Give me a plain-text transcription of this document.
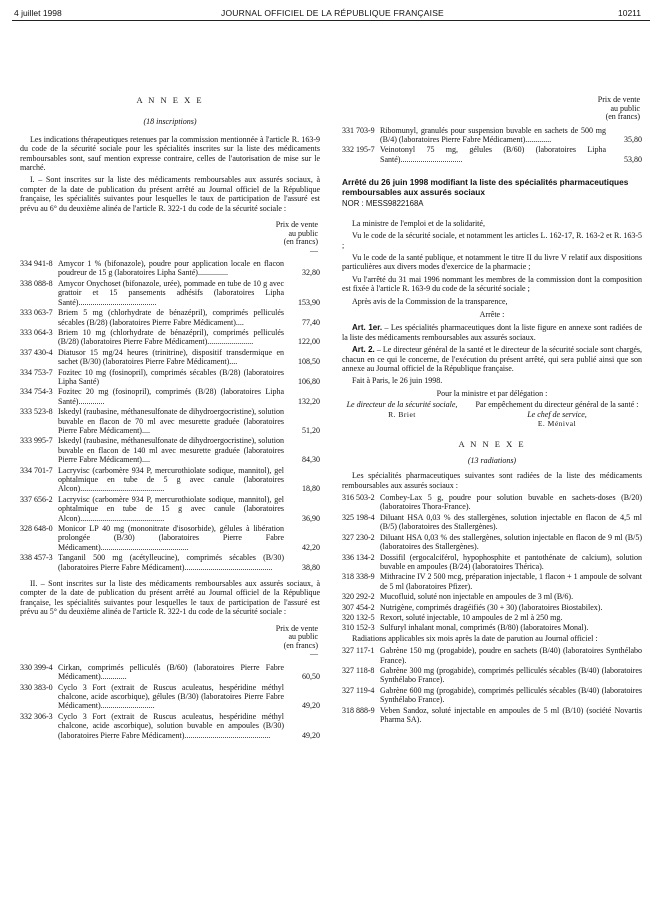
4 juillet 1998	JOURNAL OFFICIEL DE LA RÉPUBLIQUE FRANÇAISE	10211
A N N E X E
(18 inscriptions)

Les indications thérapeutiques retenues par la commission mentionnée à l'article R. 163-9 du code de la sécurité sociale pour les spécialités inscrites sur la liste des médicaments remboursables sont, sauf mention expresse contraire, celles de l'autorisation de mise sur le marché.

I. – Sont inscrites sur la liste des médicaments remboursables aux assurés sociaux, à compter de la date de publication du présent arrêté au Journal officiel de la République française, les spécialités suivantes pour lesquelles le taux de participation de l'assuré est prévu au 6° du deuxième alinéa de l'article R. 322-1 du code de la sécurité sociale :

Prix de vente
au public
(en francs)
—
334 941-8 Amycor 1 % (bifonazole), poudre pour application locale en flacon poudreur de 15 g (laboratoires Lipha Santé)...............	32,80
338 088-8 Amycor Onychoset (bifonazole, urée), pommade en tube de 10 g avec grattoir et 15 pansements adhésifs (laboratoires Lipha Santé).......................................	153,90
333 063-7 Briem 5 mg (chlorhydrate de bénazépril), comprimés pelliculés sécables (B/28) (laboratoires Pierre Fabre Médicament)....	77,40
333 064-3 Briem 10 mg (chlorhydrate de bénazépril), comprimés pelliculés (B/28) (laboratoires Pierre Fabre Médicament).......................	122,00
337 430-4 Diatusor 15 mg/24 heures (trinitrine), dispositif transdermique en sachet (B/30) (laboratoires Pierre Fabre Médicament)....	108,50
334 753-7 Fozitec 10 mg (fosinopril), comprimés sécables (B/28) (laboratoires Lipha Santé)	106,80
334 754-3 Fozitec 20 mg (fosinopril), comprimés (B/28) (laboratoires Lipha Santé).............	132,20
333 523-8 Iskedyl (raubasine, méthanesulfonate de dihydroergocristine), solution buvable en flacon de 70 ml avec mesurette graduée (laboratoires Pierre Fabre Médicament)....	51,20
333 995-7 Iskedyl (raubasine, méthanesulfonate de dihydroergocristine), solution buvable en flacon de 140 ml avec mesurette graduée (laboratoires Pierre Fabre Médicament)....	84,30
334 701-7 Lacryvisc (carbomère 934 P, mercurothiolate sodique, mannitol), gel ophtalmique en tube de 5 g avec canule (laboratoires Alcon)..........................................	18,80
337 656-2 Lacryvisc (carbomère 934 P, mercurothiolate sodique, mannitol), gel ophtalmique en tube de 15 g avec canule (laboratoires Alcon)..........................................	36,90
328 648-0 Monicor LP 40 mg (mononitrate d'isosorbide), gélules à libération prolongée (B/30) (laboratoires Pierre Fabre Médicament)............................................	42,20
338 457-3 Tanganil 500 mg (acétylleucine), comprimés sécables (B/30) (laboratoires Pierre Fabre Médicament)............................................	38,80

II. – Sont inscrites sur la liste des médicaments remboursables aux assurés sociaux, à compter de la date de publication du présent arrêté au Journal officiel de la République française, les spécialités suivantes pour lesquelles le taux de participation de l'assuré est prévu au 5° du deuxième alinéa de l'article R. 322-1 du code de la sécurité sociale :

Prix de vente
au public
(en francs)
—
330 399-4 Cirkan, comprimés pelliculés (B/60) (laboratoires Pierre Fabre Médicament).............	60,50
330 383-0 Cyclo 3 Fort (extrait de Ruscus aculeatus, hespéridine méthyl chalcone, acide ascorbique), gélules (B/30) (laboratoires Pierre Fabre Médicament)...........................	49,20
332 306-3 Cyclo 3 Fort (extrait de Ruscus aculeatus, hespéridine méthyl chalcone, acide ascorbique), solution buvable en ampoules (B/30) (laboratoires Pierre Fabre Médicament)...........................................	49,20
Prix de vente
au public
(en francs)
331 703-9 Ribomunyl, granulés pour suspension buvable en sachets de 500 mg (B/4) (laboratoires Pierre Fabre Médicament).............	35,80
332 195-7 Veinotonyl 75 mg, gélules (B/60) (laboratoires Lipha Santé)...............................	53,80
Arrêté du 26 juin 1998 modifiant la liste des spécialités pharmaceutiques remboursables aux assurés sociaux
NOR : MESS9822168A

La ministre de l'emploi et de la solidarité,

Vu le code de la sécurité sociale, et notamment les articles L. 162-17, R. 163-2 et R. 163-5 ;

Vu le code de la santé publique, et notamment le titre II du livre V relatif aux dispositions particulières aux divers modes d'exercice de la pharmacie ;

Vu l'arrêté du 31 mai 1996 nommant les membres de la commission dont la composition est fixée à l'article R. 163-9 du code de la sécurité sociale ;

Après avis de la Commission de la transparence,

Arrête :

Art. 1er. – Les spécialités pharmaceutiques dont la liste figure en annexe sont radiées de la liste des médicaments remboursables aux assurés sociaux.

Art. 2. – Le directeur général de la santé et le directeur de la sécurité sociale sont chargés, chacun en ce qui le concerne, de l'exécution du présent arrêté, qui sera publié ainsi que son annexe au Journal officiel de la République française.

Fait à Paris, le 26 juin 1998.

Pour la ministre et par délégation :
Le directeur de la sécurité sociale,
R. Briet
Par empêchement du directeur général de la santé :
Le chef de service,
E. Ménival
A N N E X E
(13 radiations)

Les spécialités pharmaceutiques suivantes sont radiées de la liste des médicaments remboursables aux assurés sociaux :

316 503-2 Combey-Lax 5 g, poudre pour solution buvable en sachets-doses (B/20) (laboratoires Thora-France).
325 198-4 Diluant HSA 0,03 % des stallergènes, solution injectable en flacon de 4,5 ml (B/5) (laboratoires des Stallergènes).
327 230-2 Diluant HSA 0,03 % des stallergènes, solution injectable en flacon de 9 ml (B/5) (laboratoires des Stallergènes).
336 134-2 Dossifil (ergocalciférol, hypophosphite et pantothénate de calcium), solution buvable en ampoules (B/24) (laboratoires Thérica).
318 338-9 Mithracine IV 2 500 mcg, préparation injectable, 1 flacon + 1 ampoule de solvant de 5 ml (laboratoires Pfizer).
320 292-2 Mucofluid, soluté non injectable en ampoules de 3 ml (B/6).
307 454-2 Nutrigène, comprimés dragéifiés (30 + 30) (laboratoires Biostabilex).
320 132-5 Rexort, soluté injectable, 10 ampoules de 2 ml à 250 mg.
310 152-3 Sulfuryl inhalant monal, comprimés (B/80) (laboratoires Monal).

Radiations applicables six mois après la date de parution au Journal officiel :

327 117-1 Gabrène 150 mg (progabide), poudre en sachets (B/40) (laboratoires Synthélabo France).
327 118-8 Gabrène 300 mg (progabide), comprimés pelliculés sécables (B/40) (laboratoires Synthélabo France).
327 119-4 Gabrène 600 mg (progabide), comprimés pelliculés sécables (B/40) (laboratoires Synthélabo France).
318 888-9 Veben Sandoz, soluté injectable en ampoules de 5 ml (B/10) (société Novartis Pharma SA).
